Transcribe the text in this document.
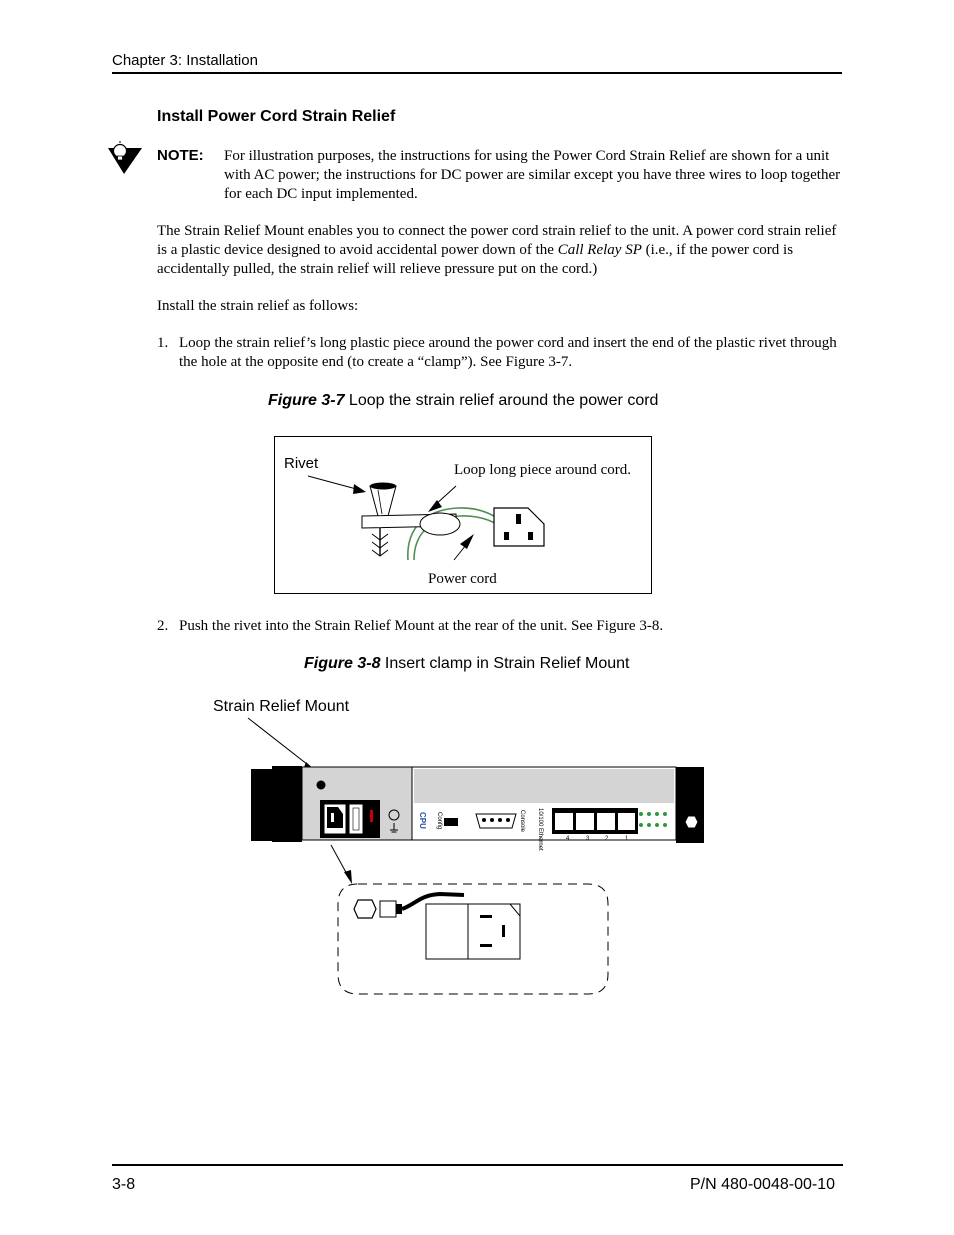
Chapter 3: Installation
Install Power Cord Strain Relief
NOTE: For illustration purposes, the instructions for using the Power Cord Strain Relief are shown for a unit with AC power; the instructions for DC power are similar except you have three wires to loop together for each DC input implemented.
The Strain Relief Mount enables you to connect the power cord strain relief to the unit. A power cord strain relief is a plastic device designed to avoid accidental power down of the Call Relay SP (i.e., if the power cord is accidentally pulled, the strain relief will relieve pressure put on the cord.)
Install the strain relief as follows:
1. Loop the strain relief’s long plastic piece around the power cord and insert the end of the plastic rivet through the hole at the opposite end (to create a “clamp”). See Figure 3-7.
Figure 3-7 Loop the strain relief around the power cord
Rivet	Loop long piece around cord.
Power cord
2. Push the rivet into the Strain Relief Mount at the rear of the unit. See Figure 3-8.
Figure 3-8 Insert clamp in Strain Relief Mount
Strain Relief Mount
CPU Config	Console 10/100 Ethernet	4	3	2	1
3-8	P/N 480-0048-00-10
